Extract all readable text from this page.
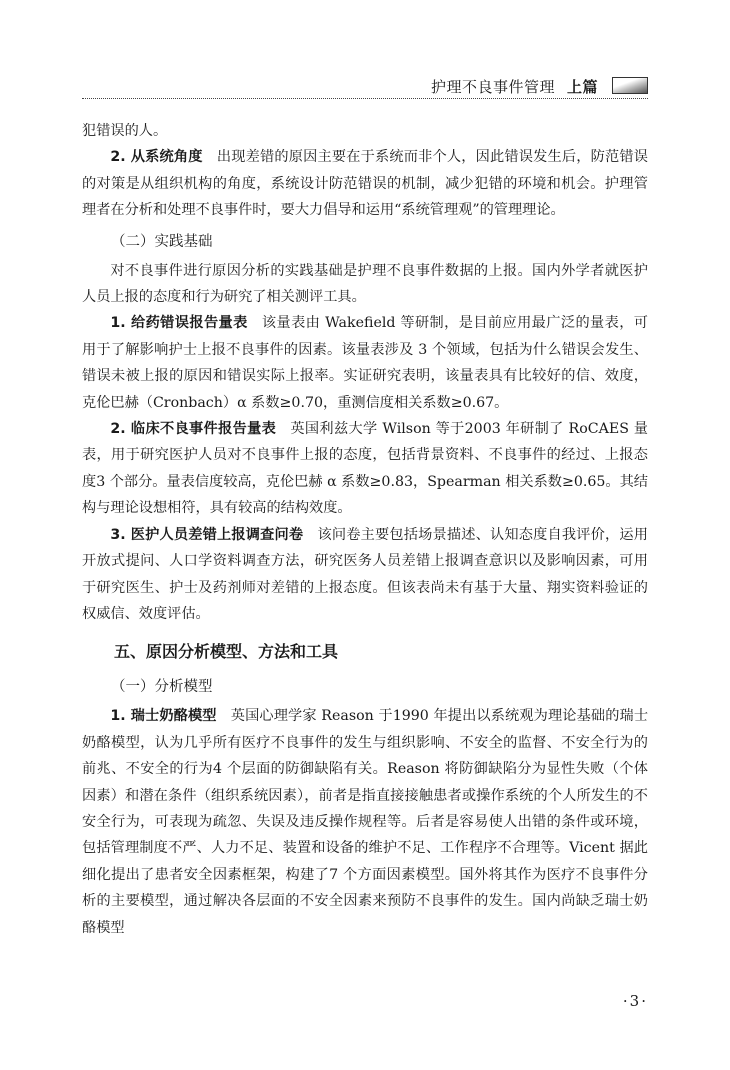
护理不良事件管理 上篇

犯错误的人。

2. 从系统角度 出现差错的原因主要在于系统而非个人，因此错误发生后，防范错误的对策是从组织机构的角度，系统设计防范错误的机制，减少犯错的环境和机会。护理管理者在分析和处理不良事件时，要大力倡导和运用“系统管理观”的管理理论。

（二）实践基础

对不良事件进行原因分析的实践基础是护理不良事件数据的上报。国内外学者就医护人员上报的态度和行为研究了相关测评工具。

1. 给药错误报告量表 该量表由 Wakefield 等研制，是目前应用最广泛的量表，可用于了解影响护士上报不良事件的因素。该量表涉及 3 个领域，包括为什么错误会发生、错误未被上报的原因和错误实际上报率。实证研究表明，该量表具有比较好的信、效度，克伦巴赫（Cronbach）α 系数≥0.70，重测信度相关系数≥0.67。

2. 临床不良事件报告量表 英国利兹大学 Wilson 等于2003 年研制了 RoCAES 量表，用于研究医护人员对不良事件上报的态度，包括背景资料、不良事件的经过、上报态度3 个部分。量表信度较高，克伦巴赫 α 系数≥0.83，Spearman 相关系数≥0.65。其结构与理论设想相符，具有较高的结构效度。

3. 医护人员差错上报调查问卷 该问卷主要包括场景描述、认知态度自我评价，运用开放式提问、人口学资料调查方法，研究医务人员差错上报调查意识以及影响因素，可用于研究医生、护士及药剂师对差错的上报态度。但该表尚未有基于大量、翔实资料验证的权威信、效度评估。

五、原因分析模型、方法和工具
（一）分析模型

1. 瑞士奶酪模型 英国心理学家 Reason 于1990 年提出以系统观为理论基础的瑞士奶酪模型，认为几乎所有医疗不良事件的发生与组织影响、不安全的监督、不安全行为的前兆、不安全的行为4 个层面的防御缺陷有关。Reason 将防御缺陷分为显性失败（个体因素）和潜在条件（组织系统因素），前者是指直接接触患者或操作系统的个人所发生的不安全行为，可表现为疏忽、失误及违反操作规程等。后者是容易使人出错的条件或环境，包括管理制度不严、人力不足、装置和设备的维护不足、工作程序不合理等。Vicent 据此细化提出了患者安全因素框架，构建了7 个方面因素模型。国外将其作为医疗不良事件分析的主要模型，通过解决各层面的不安全因素来预防不良事件的发生。国内尚缺乏瑞士奶酪模型

·3·
